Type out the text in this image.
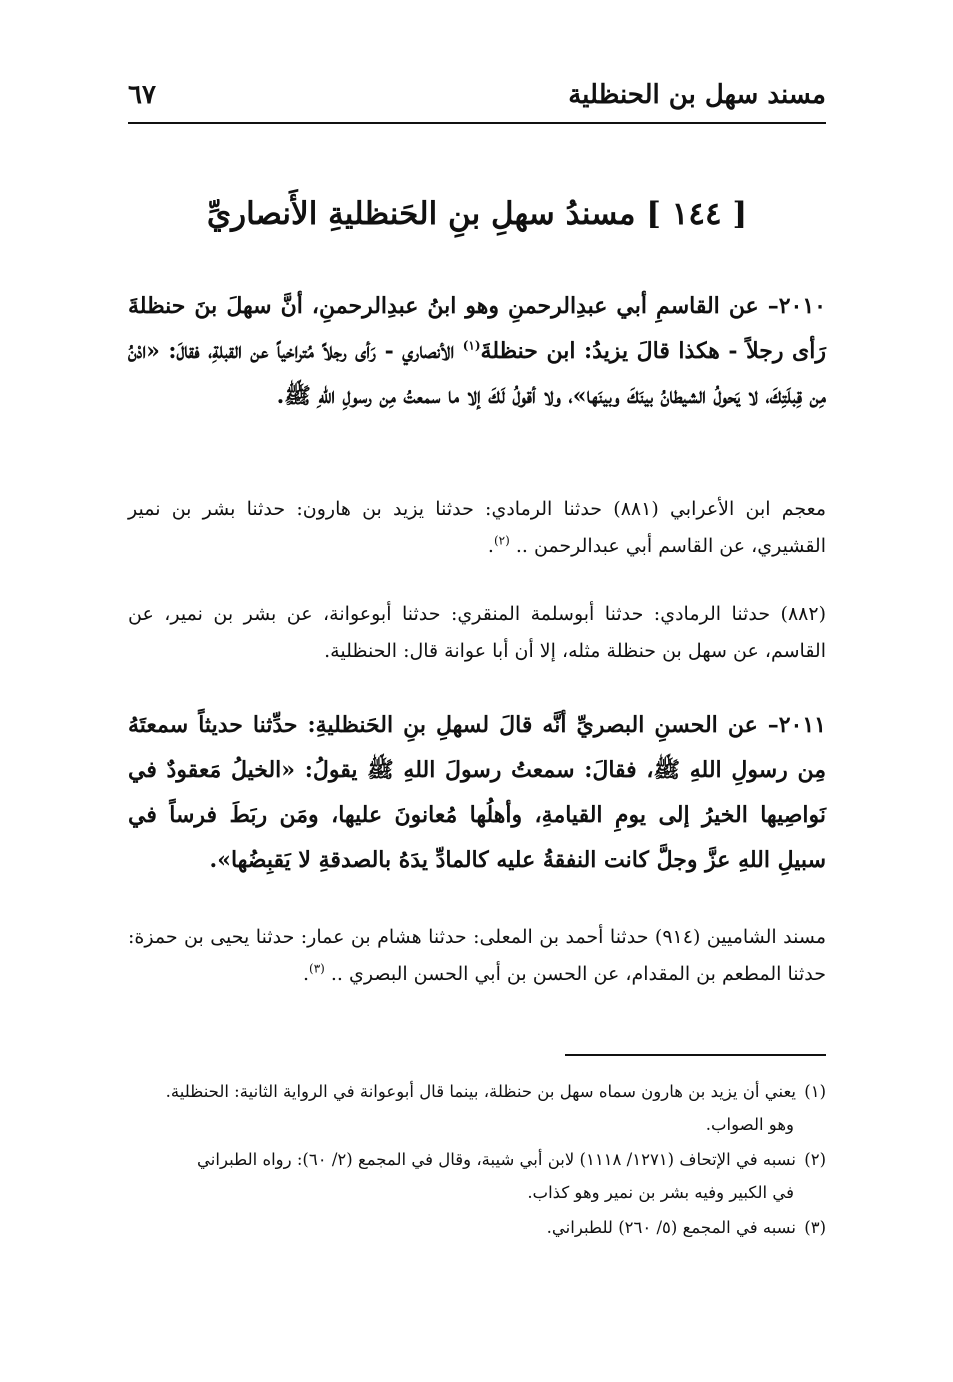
مسند سهل بن الحنظلية
٦٧
[ ١٤٤ ] مسندُ سهلِ بنِ الحَنظليةِ الأَنصاريِّ
٢٠١٠– عن القاسمِ أبي عبدِالرحمنِ وهو ابنُ عبدِالرحمنِ، أنَّ سهلَ بنَ حنظلةَ رَأى رجلاً - هكذا قالَ يزيدُ: ابن حنظلةَ$^{(١)}$ الأنصاري - رَأى رجلاً مُتراخياً عن القبلةِ، فقالَ: «ادْنُ مِن قِبلَتِكَ، لا يَحولُ الشيطانُ بينَكَ وبينَها»، ولا أقولُ لَكَ إلا ما سمعتُ مِن رسولِ اللهِ ﷺ.
معجم ابن الأعرابي (٨٨١) حدثنا الرمادي: حدثنا يزيد بن هارون: حدثنا بشر بن نمير القشيري، عن القاسم أبي عبدالرحمن .. $^{(٢)}$.
(٨٨٢) حدثنا الرمادي: حدثنا أبوسلمة المنقري: حدثنا أبوعوانة، عن بشر بن نمير، عن القاسم، عن سهل بن حنظلة مثله، إلا أن أبا عوانة قال: الحنظلية.
٢٠١١– عن الحسنِ البصريِّ أنَّه قالَ لسهلِ بنِ الحَنظليةِ: حدِّثنا حديثاً سمعتَهُ مِن رسولِ اللهِ ﷺ، فقالَ: سمعتُ رسولَ اللهِ ﷺ يقولُ: «الخيلُ مَعقودٌ في نَواصِيها الخيرُ إلى يومِ القيامةِ، وأهلُها مُعانونَ عليها، ومَن ربَطَ فرساً في سبيلِ اللهِ عزَّ وجلَّ كانت النفقةُ عليه كالمادِّ يدَهُ بالصدقةِ لا يَقبِضُها».
مسند الشاميين (٩١٤) حدثنا أحمد بن المعلى: حدثنا هشام بن عمار: حدثنا يحيى بن حمزة: حدثنا المطعم بن المقدام، عن الحسن بن أبي الحسن البصري .. $^{(٣)}$.
(١)يعني أن يزيد بن هارون سماه سهل بن حنظلة، بينما قال أبوعوانة في الرواية الثانية: الحنظلية.
وهو الصواب.
(٢)نسبه في الإتحاف (١٢٧١/ ١١١٨) لابن أبي شيبة، وقال في المجمع (٢/ ٦٠): رواه الطبراني
في الكبير وفيه بشر بن نمير وهو كذاب.
(٣)نسبه في المجمع (٥/ ٢٦٠) للطبراني.
